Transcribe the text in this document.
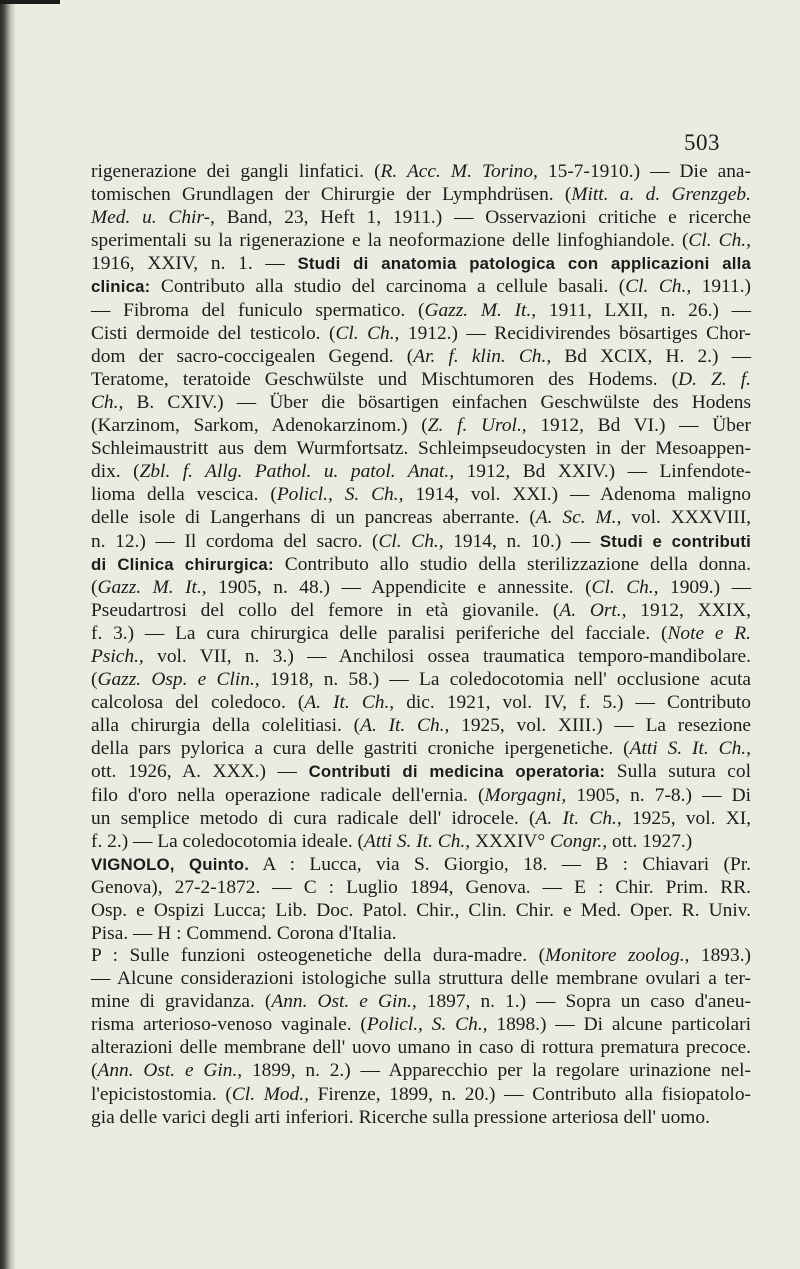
503
rigenerazione dei gangli linfatici. (R. Acc. M. Torino, 15-7-1910.) — Die ana-
tomischen Grundlagen der Chirurgie der Lymphdrüsen. (Mitt. a. d. Grenzgeb.
Med. u. Chir-, Band, 23, Heft 1, 1911.) — Osservazioni critiche e ricerche
sperimentali su la rigenerazione e la neoformazione delle linfoghiandole. (Cl. Ch.,
1916, XXIV, n. 1. — Studi di anatomia patologica con applicazioni alla
clinica: Contributo alla studio del carcinoma a cellule basali. (Cl. Ch., 1911.)
— Fibroma del funiculo spermatico. (Gazz. M. It., 1911, LXII, n. 26.) —
Cisti dermoide del testicolo. (Cl. Ch., 1912.) — Recidivirendes bösartiges Chor-
dom der sacro-coccigealen Gegend. (Ar. f. klin. Ch., Bd XCIX, H. 2.) —
Teratome, teratoide Geschwülste und Mischtumoren des Hodems. (D. Z. f.
Ch., B. CXIV.) — Über die bösartigen einfachen Geschwülste des Hodens
(Karzinom, Sarkom, Adenokarzinom.) (Z. f. Urol., 1912, Bd VI.) — Über
Schleimaustritt aus dem Wurmfortsatz. Schleimpseudocysten in der Mesoappen-
dix. (Zbl. f. Allg. Pathol. u. patol. Anat., 1912, Bd XXIV.) — Linfendote-
lioma della vescica. (Policl., S. Ch., 1914, vol. XXI.) — Adenoma maligno
delle isole di Langerhans di un pancreas aberrante. (A. Sc. M., vol. XXXVIII,
n. 12.) — Il cordoma del sacro. (Cl. Ch., 1914, n. 10.) — Studi e contributi
di Clinica chirurgica: Contributo allo studio della sterilizzazione della donna.
(Gazz. M. It., 1905, n. 48.) — Appendicite e annessite. (Cl. Ch., 1909.) —
Pseudartrosi del collo del femore in età giovanile. (A. Ort., 1912, XXIX,
f. 3.) — La cura chirurgica delle paralisi periferiche del facciale. (Note e R.
Psich., vol. VII, n. 3.) — Anchilosi ossea traumatica temporo-mandibolare.
(Gazz. Osp. e Clin., 1918, n. 58.) — La coledocotomia nell' occlusione acuta
calcolosa del coledoco. (A. It. Ch., dic. 1921, vol. IV, f. 5.) — Contributo
alla chirurgia della colelitiasi. (A. It. Ch., 1925, vol. XIII.) — La resezione
della pars pylorica a cura delle gastriti croniche ipergenetiche. (Atti S. It. Ch.,
ott. 1926, A. XXX.) — Contributi di medicina operatoria: Sulla sutura col
filo d'oro nella operazione radicale dell'ernia. (Morgagni, 1905, n. 7-8.) — Di
un semplice metodo di cura radicale dell' idrocele. (A. It. Ch., 1925, vol. XI,
f. 2.) — La coledocotomia ideale. (Atti S. It. Ch., XXXIV° Congr., ott. 1927.)
VIGNOLO, Quinto. A : Lucca, via S. Giorgio, 18. — B : Chiavari (Pr.
Genova), 27-2-1872. — C : Luglio 1894, Genova. — E : Chir. Prim. RR.
Osp. e Ospizi Lucca; Lib. Doc. Patol. Chir., Clin. Chir. e Med. Oper. R. Univ.
Pisa. — H : Commend. Corona d'Italia.
P : Sulle funzioni osteogenetiche della dura-madre. (Monitore zoolog., 1893.)
— Alcune considerazioni istologiche sulla struttura delle membrane ovulari a ter-
mine di gravidanza. (Ann. Ost. e Gin., 1897, n. 1.) — Sopra un caso d'aneu-
risma arterioso-venoso vaginale. (Policl., S. Ch., 1898.) — Di alcune particolari
alterazioni delle membrane dell' uovo umano in caso di rottura prematura precoce.
(Ann. Ost. e Gin., 1899, n. 2.) — Apparecchio per la regolare urinazione nel-
l'epicistostomia. (Cl. Mod., Firenze, 1899, n. 20.) — Contributo alla fisiopatolo-
gia delle varici degli arti inferiori. Ricerche sulla pressione arteriosa dell' uomo.
